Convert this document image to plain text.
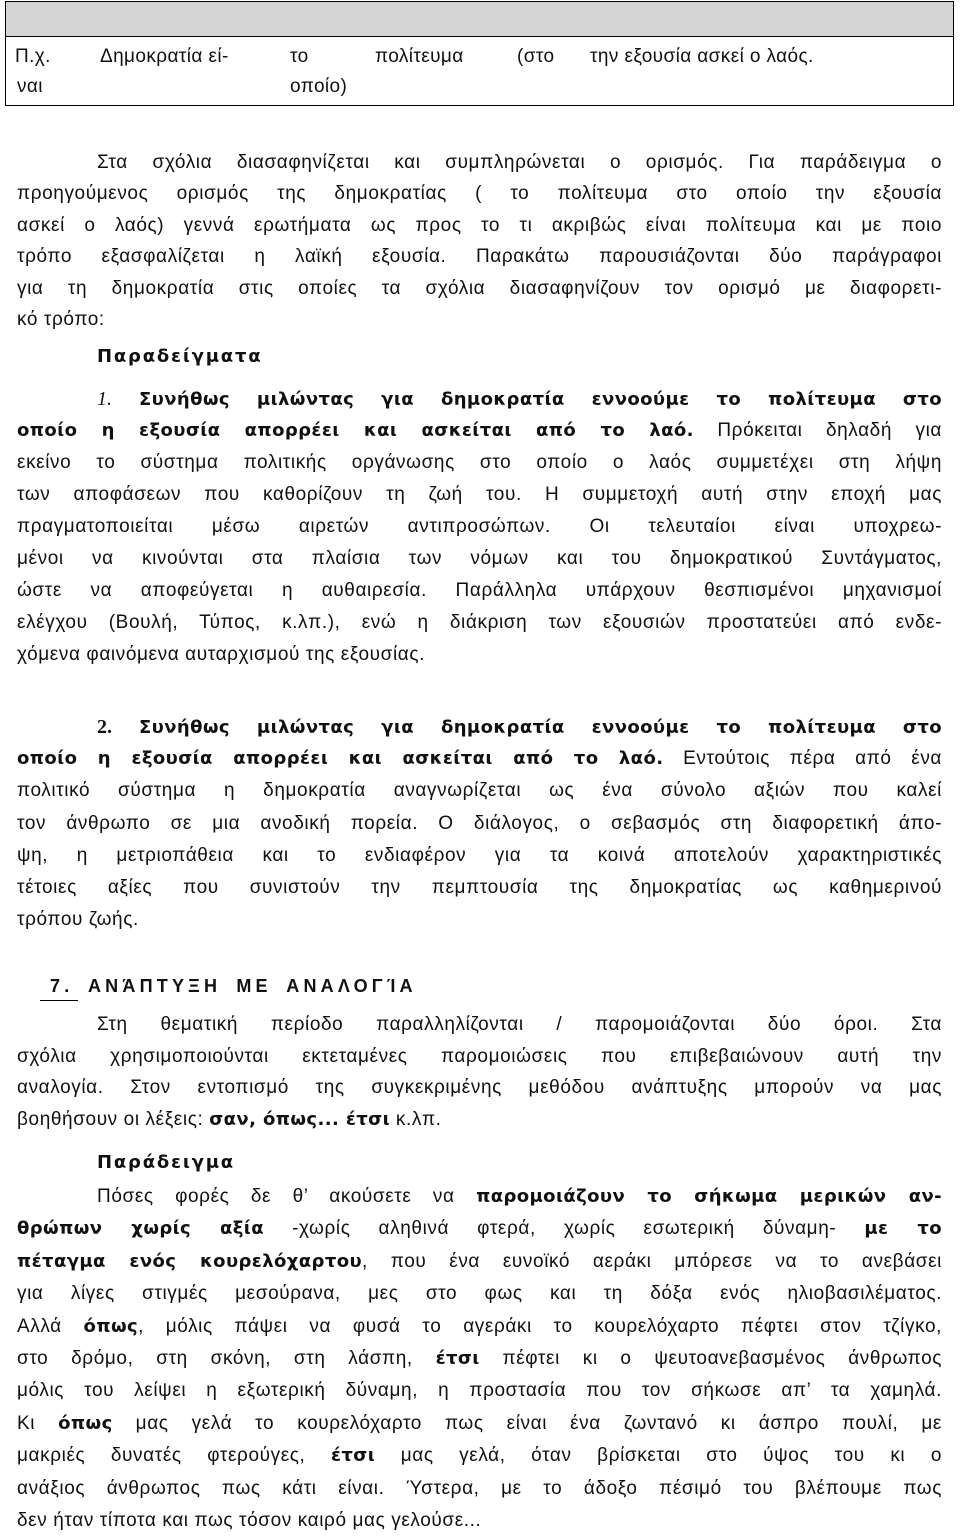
Π.χ.	Δημοκρατία εί-
ναι
το
οποίο)
πολίτευμα	(στο την εξουσία ασκεί ο λαός.
Στα σχόλια διασαφηνίζεται και συμπληρώνεται ο ορισμός. Για παράδειγμα ο
προηγούμενος ορισμός της δημοκρατίας ( το πολίτευμα στο οποίο την εξουσία
ασκεί ο λαός) γεννά ερωτήματα ως προς το τι ακριβώς είναι πολίτευμα και με ποιο
τρόπο εξασφαλίζεται η λαϊκή εξουσία. Παρακάτω παρουσιάζονται δύο παράγραφοι
για τη δημοκρατία στις οποίες τα σχόλια διασαφηνίζουν τον ορισμό με διαφορετι-
κό τρόπο:
Παραδείγματα
1. Συνήθως μιλώντας για δημοκρατία εννοούμε το πολίτευμα στο
οποίο η εξουσία απορρέει και ασκείται από το λαό. Πρόκειται δηλαδή για
εκείνο το σύστημα πολιτικής οργάνωσης στο οποίο ο λαός συμμετέχει στη λήψη
των αποφάσεων που καθορίζουν τη ζωή του. Η συμμετοχή αυτή στην εποχή μας
πραγματοποιείται μέσω αιρετών αντιπροσώπων. Οι τελευταίοι είναι υποχρεω-
μένοι να κινούνται στα πλαίσια των νόμων και του δημοκρατικού Συντάγματος,
ώστε να αποφεύγεται η αυθαιρεσία. Παράλληλα υπάρχουν θεσπισμένοι μηχανισμοί
ελέγχου (Βουλή, Τύπος, κ.λπ.), ενώ η διάκριση των εξουσιών προστατεύει από ενδε-
χόμενα φαινόμενα αυταρχισμού της εξουσίας.
2. Συνήθως μιλώντας για δημοκρατία εννοούμε το πολίτευμα στο
οποίο η εξουσία απορρέει και ασκείται από το λαό. Εντούτοις πέρα από ένα
πολιτικό σύστημα η δημοκρατία αναγνωρίζεται ως ένα σύνολο αξιών που καλεί
τον άνθρωπο σε μια ανοδική πορεία. Ο διάλογος, ο σεβασμός στη διαφορετική άπο-
ψη, η μετριοπάθεια και το ενδιαφέρον για τα κοινά αποτελούν χαρακτηριστικές
τέτοιες αξίες που συνιστούν την πεμπτουσία της δημοκρατίας ως καθημερινού
τρόπου ζωής.
7. ΑΝΆΠΤΥΞΗ ΜΕ ΑΝΑΛΟΓΊΑ
Στη θεματική περίοδο παραλληλίζονται / παρομοιάζονται δύο όροι. Στα
σχόλια χρησιμοποιούνται εκτεταμένες παρομοιώσεις που επιβεβαιώνουν αυτή την
αναλογία. Στον εντοπισμό της συγκεκριμένης μεθόδου ανάπτυξης μπορούν να μας
βοηθήσουν οι λέξεις: σαν, όπως... έτσι κ.λπ.
Παράδειγμα
Πόσες φορές δε θ’ ακούσετε να παρομοιάζουν το σήκωμα μερικών αν-
θρώπων χωρίς αξία -χωρίς αληθινά φτερά, χωρίς εσωτερική δύναμη- με το
πέταγμα ενός κουρελόχαρτου, που ένα ευνοϊκό αεράκι μπόρεσε να το ανεβάσει
για λίγες στιγμές μεσούρανα, μες στο φως και τη δόξα ενός ηλιοβασιλέματος.
Αλλά όπως, μόλις πάψει να φυσά το αγεράκι το κουρελόχαρτο πέφτει στον τζίγκο,
στο δρόμο, στη σκόνη, στη λάσπη, έτσι πέφτει κι ο ψευτοανεβασμένος άνθρωπος
μόλις του λείψει η εξωτερική δύναμη, η προστασία που τον σήκωσε απ’ τα χαμηλά.
Κι όπως μας γελά το κουρελόχαρτο πως είναι ένα ζωντανό κι άσπρο πουλί, με
μακριές δυνατές φτερούγες, έτσι μας γελά, όταν βρίσκεται στο ύψος του κι ο
ανάξιος άνθρωπος πως κάτι είναι. Ύστερα, με το άδοξο πέσιμό του βλέπουμε πως
δεν ήταν τίποτα και πως τόσον καιρό μας γελούσε...
